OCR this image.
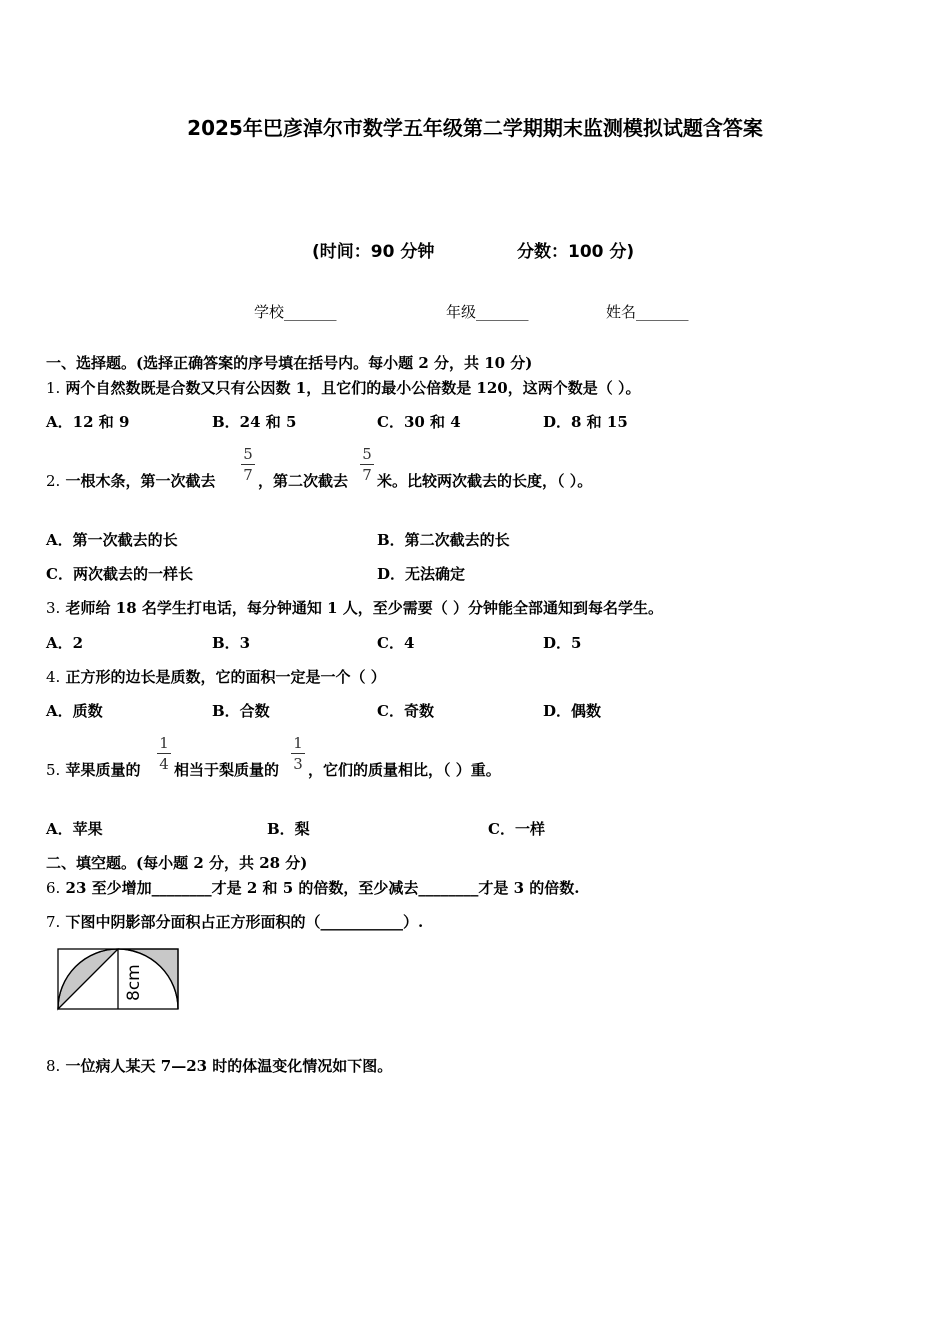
2025年巴彦淖尔市数学五年级第二学期期末监测模拟试题含答案
(时间：90 分钟	分数：100 分)
学校_______	年级_______	姓名_______
一、选择题。(选择正确答案的序号填在括号内。每小题 2 分，共 10 分)
1. 两个自然数既是合数又只有公因数 1，且它们的最小公倍数是 120，这两个数是（ ）。
A．12 和 9	B．24 和 5	C．30 和 4	D．8 和 15
2. 一根木条，第一次截去
5
7 ，第二次截去
5
7 米。比较两次截去的长度，（ ）。
A．第一次截去的长	B．第二次截去的长
C．两次截去的一样长	D．无法确定
3. 老师给 18 名学生打电话，每分钟通知 1 人，至少需要（ ）分钟能全部通知到每名学生。
A．2	B．3	C．4	D．5
4. 正方形的边长是质数，它的面积一定是一个（ ）
A．质数	B．合数	C．奇数	D．偶数
5. 苹果质量的
1
4 相当于梨质量的
1
3 ，它们的质量相比，（ ）重。
A．苹果	B．梨	C．一样
二、填空题。(每小题 2 分，共 28 分)
6. 23 至少增加________才是 2 和 5 的倍数，至少减去________才是 3 的倍数.
7. 下图中阴影部分面积占正方形面积的（___________）.
8cm
8. 一位病人某天 7—23 时的体温变化情况如下图。
